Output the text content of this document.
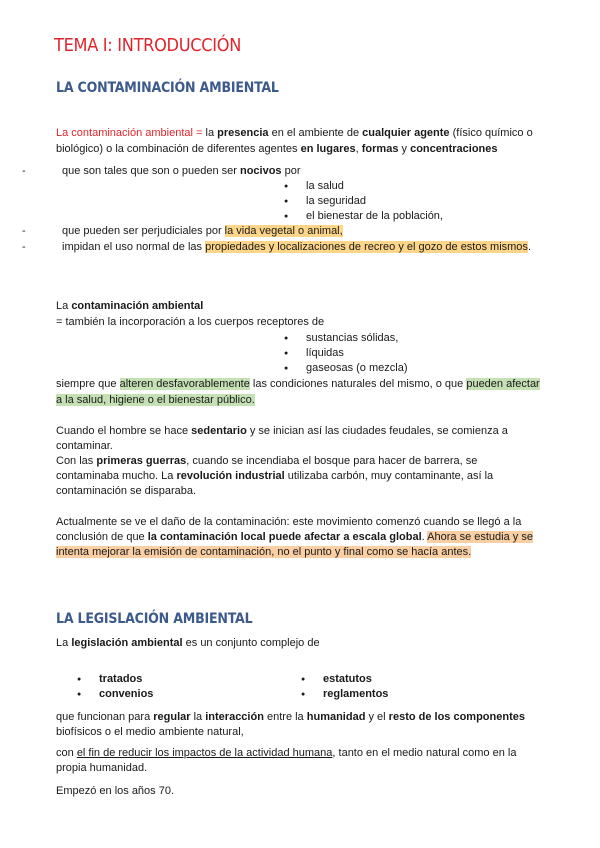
TEMA I: INTRODUCCIÓN
LA CONTAMINACIÓN AMBIENTAL
La contaminación ambiental = la presencia en el ambiente de cualquier agente (físico químico o
biológico) o la combinación de diferentes agentes en lugares, formas y concentraciones
- que son tales que son o pueden ser nocivos por
● la salud
● la seguridad
● el bienestar de la población,
- que pueden ser perjudiciales por la vida vegetal o animal,
- impidan el uso normal de las propiedades y localizaciones de recreo y el gozo de estos mismos.
La contaminación ambiental
= también la incorporación a los cuerpos receptores de
● sustancias sólidas,
● líquidas
● gaseosas (o mezcla)
siempre que alteren desfavorablemente las condiciones naturales del mismo, o que pueden afectar
a la salud, higiene o el bienestar público.
Cuando el hombre se hace sedentario y se inician así las ciudades feudales, se comienza a
contaminar.
Con las primeras guerras, cuando se incendiaba el bosque para hacer de barrera, se
contaminaba mucho. La revolución industrial utilizaba carbón, muy contaminante, así la
contaminación se disparaba.
Actualmente se ve el daño de la contaminación: este movimiento comenzó cuando se llegó a la
conclusión de que la contaminación local puede afectar a escala global. Ahora se estudia y se
intenta mejorar la emisión de contaminación, no el punto y final como se hacía antes.
LA LEGISLACIÓN AMBIENTAL
La legislación ambiental es un conjunto complejo de
● tratados
● convenios
● estatutos
● reglamentos
que funcionan para regular la interacción entre la humanidad y el resto de los componentes
biofísicos o el medio ambiente natural,
con el fin de reducir los impactos de la actividad humana, tanto en el medio natural como en la
propia humanidad.
Empezó en los años 70.
